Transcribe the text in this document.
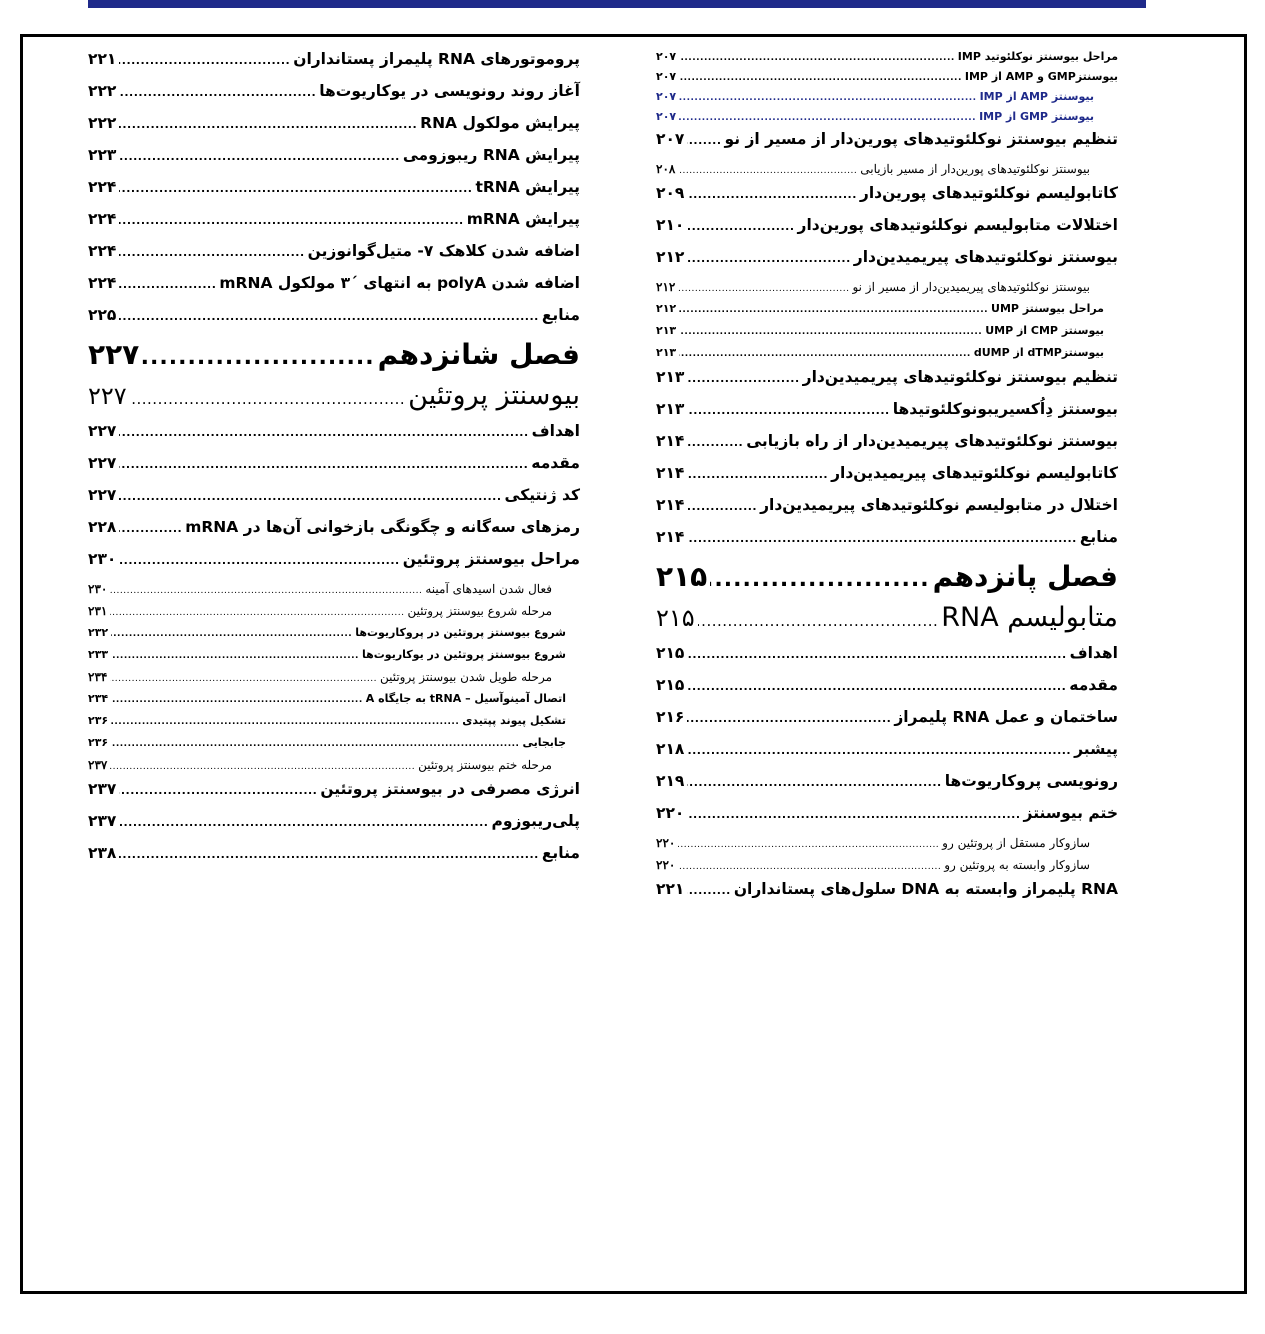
مراحل بیوسنتز نوکلئوتید IMP
.....
۲۰۷
بیوسنتزGMP و AMP از IMP
.....
۲۰۷
بیوسنتز AMP از IMP
.....
۲۰۷
بیوسنتز GMP از IMP
.....
۲۰۷
تنظیم بیوسنتز نوکلئوتیدهای پورین‌دار از مسیر از نو
.....
۲۰۷
بیوسنتز نوکلئوتیدهای پورین‌دار از مسیر بازیابی
.....
۲۰۸
کاتابولیسم نوکلئوتیدهای پورین‌دار
.....
۲۰۹
اختلالات متابولیسم نوکلئوتیدهای پورین‌دار
.....
۲۱۰
بیوسنتز نوکلئوتیدهای پیریمیدین‌دار
.....
۲۱۲
بیوسنتز نوکلئوتیدهای پیریمیدین‌دار از مسیر از نو
.....
۲۱۲
مراحل بیوسنتز UMP
.....
۲۱۲
بیوسنتز CMP از UMP
.....
۲۱۳
بیوسنتزdTMP از dUMP
.....
۲۱۳
تنظیم بیوسنتز نوکلئوتیدهای پیریمیدین‌دار
.....
۲۱۳
بیوسنتز دِاُکسیریبونوکلئوتیدها
.....
۲۱۳
بیوسنتز نوکلئوتیدهای پیریمیدین‌دار از راه بازیابی
.....
۲۱۴
کاتابولیسم نوکلئوتیدهای پیریمیدین‌دار
.....
۲۱۴
اختلال در متابولیسم نوکلئوتیدهای پیریمیدین‌دار
.....
۲۱۴
منابع
.....
۲۱۴
فصل پانزدهم
.....
۲۱۵
متابولیسم RNA
.....
۲۱۵
اهداف
.....
۲۱۵
مقدمه
.....
۲۱۵
ساختمان و عمل RNA پلیمراز
.....
۲۱۶
پیشبر
.....
۲۱۸
رونویسی پروکاریوت‌ها
.....
۲۱۹
ختم بیوسنتز
.....
۲۲۰
سازوکار مستقل از پروتئین رو
.....
۲۲۰
سازوکار وابسته به پروتئین رو
.....
۲۲۰
RNA پلیمراز وابسته به DNA سلول‌های پستانداران
.....
۲۲۱
پروموتورهای RNA پلیمراز پستانداران
.....
۲۲۱
آغاز روند رونویسی در یوکاریوت‌ها
.....
۲۲۲
پیرایش مولکول RNA
.....
۲۲۲
پیرایش RNA ریبوزومی
.....
۲۲۳
پیرایش tRNA
.....
۲۲۴
پیرایش mRNA
.....
۲۲۴
اضافه شدن کلاهک ۷- متیل‌گوانوزین
.....
۲۲۴
اضافه شدن polyA به انتهای ´۳ مولکول mRNA
.....
۲۲۴
منابع
.....
۲۲۵
فصل شانزدهم
.....
۲۲۷
بیوسنتز پروتئین
.....
۲۲۷
اهداف
.....
۲۲۷
مقدمه
.....
۲۲۷
کد ژنتیکی
.....
۲۲۷
رمزهای سه‌گانه و چگونگی بازخوانی آن‌ها در mRNA
.....
۲۲۸
مراحل بیوسنتز پروتئین
.....
۲۳۰
فعال شدن اسیدهای آمینه
.....
۲۳۰
مرحله شروع بیوسنتز پروتئین
.....
۲۳۱
شروع بیوسنتز پروتئین در پروکاریوت‌ها
.....
۲۳۲
شروع بیوسنتز پروتئین در یوکاریوت‌ها
.....
۲۳۳
مرحله طویل شدن بیوسنتز پروتئین
.....
۲۳۴
اتصال آمینوآسیل – tRNA به جایگاه A
.....
۲۳۴
تشکیل پیوند پپتیدی
.....
۲۳۶
جابجایی
.....
۲۳۶
مرحله ختم بیوسنتز پروتئین
.....
۲۳۷
انرژی مصرفی در بیوسنتز پروتئین
.....
۲۳۷
پلی‌ریبوزوم
.....
۲۳۷
منابع
.....
۲۳۸
